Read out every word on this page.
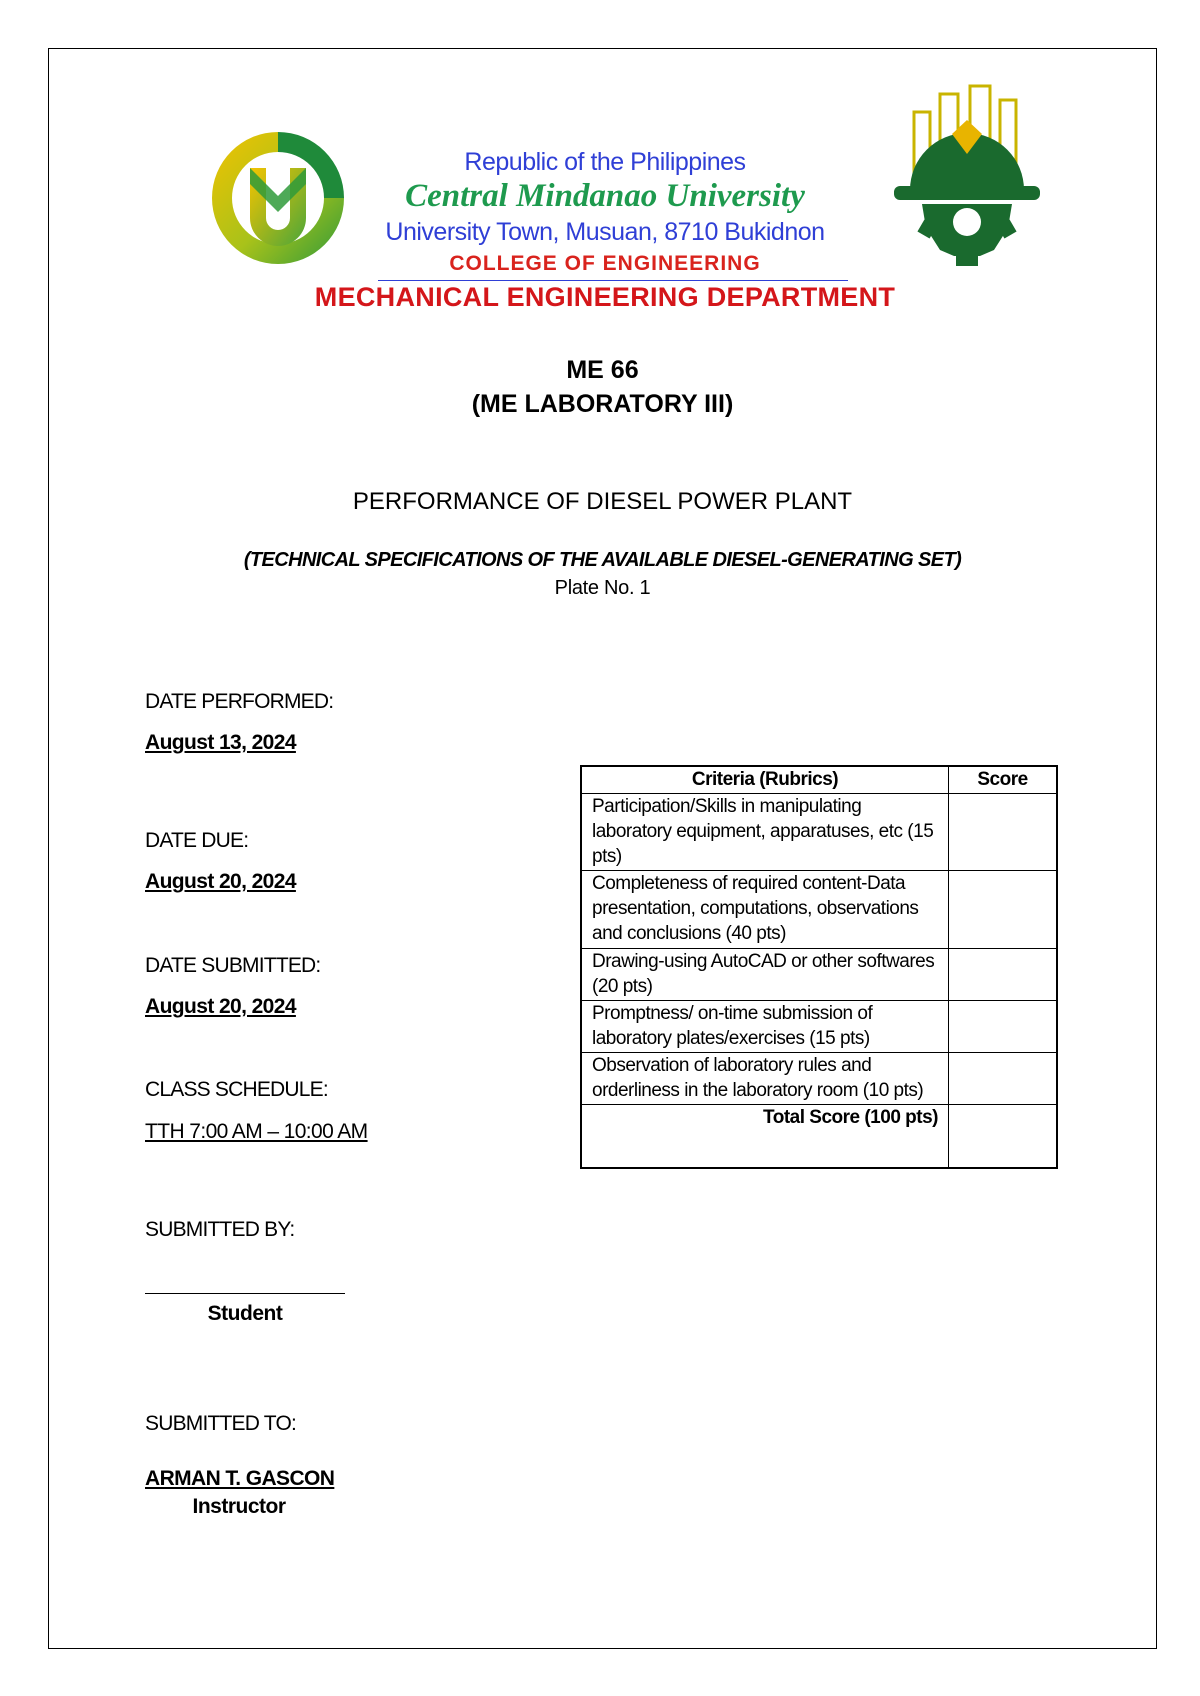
Republic of the Philippines
Central Mindanao University
University Town, Musuan, 8710 Bukidnon
COLLEGE OF ENGINEERING
MECHANICAL ENGINEERING DEPARTMENT
ME 66
(ME LABORATORY III)
PERFORMANCE OF DIESEL POWER PLANT
(TECHNICAL SPECIFICATIONS OF THE AVAILABLE DIESEL-GENERATING SET)
Plate No. 1
DATE PERFORMED:
August 13, 2024
DATE DUE:
August 20, 2024
DATE SUBMITTED:
August 20, 2024
CLASS SCHEDULE:
TTH 7:00 AM – 10:00 AM
SUBMITTED BY:
Student
SUBMITTED TO:
ARMAN T. GASCON
Instructor
Criteria (Rubrics)	Score
Participation/Skills in manipulating laboratory equipment, apparatuses, etc (15 pts)	
Completeness of required content-Data presentation, computations, observations and conclusions (40 pts)	
Drawing-using AutoCAD or other softwares (20 pts)	
Promptness/ on-time submission of laboratory plates/exercises (15 pts)	
Observation of laboratory rules and orderliness in the laboratory room (10 pts)	
Total Score (100 pts)	
